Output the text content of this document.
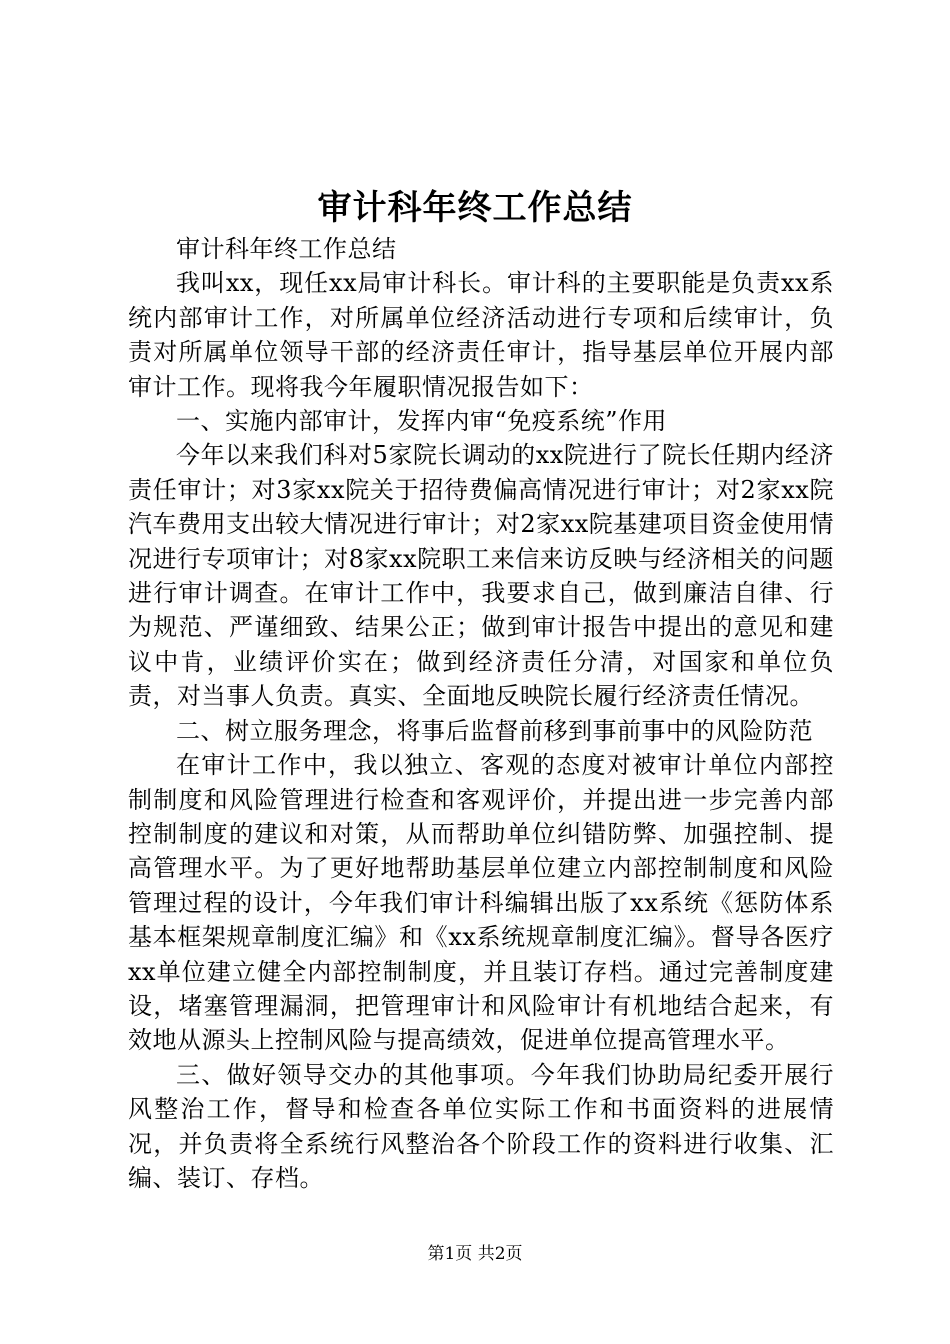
审计科年终工作总结

审计科年终工作总结

我叫xx，现任xx局审计科长。审计科的主要职能是负责xx系统内部审计工作，对所属单位经济活动进行专项和后续审计，负责对所属单位领导干部的经济责任审计，指导基层单位开展内部审计工作。现将我今年履职情况报告如下：

一、实施内部审计，发挥内审“免疫系统”作用

今年以来我们科对5家院长调动的xx院进行了院长任期内经济责任审计；对3家xx院关于招待费偏高情况进行审计；对2家xx院汽车费用支出较大情况进行审计；对2家xx院基建项目资金使用情况进行专项审计；对8家xx院职工来信来访反映与经济相关的问题进行审计调查。在审计工作中，我要求自己，做到廉洁自律、行为规范、严谨细致、结果公正；做到审计报告中提出的意见和建议中肯，业绩评价实在；做到经济责任分清，对国家和单位负责，对当事人负责。真实、全面地反映院长履行经济责任情况。

二、树立服务理念，将事后监督前移到事前事中的风险防范

在审计工作中，我以独立、客观的态度对被审计单位内部控制制度和风险管理进行检查和客观评价，并提出进一步完善内部控制制度的建议和对策，从而帮助单位纠错防弊、加强控制、提高管理水平。为了更好地帮助基层单位建立内部控制制度和风险管理过程的设计，今年我们审计科编辑出版了xx系统《惩防体系基本框架规章制度汇编》和《xx系统规章制度汇编》。督导各医疗xx单位建立健全内部控制制度，并且装订存档。通过完善制度建设，堵塞管理漏洞，把管理审计和风险审计有机地结合起来，有效地从源头上控制风险与提高绩效，促进单位提高管理水平。

三、做好领导交办的其他事项。今年我们协助局纪委开展行风整治工作，督导和检查各单位实际工作和书面资料的进展情况，并负责将全系统行风整治各个阶段工作的资料进行收集、汇编、装订、存档。

第1页 共2页
